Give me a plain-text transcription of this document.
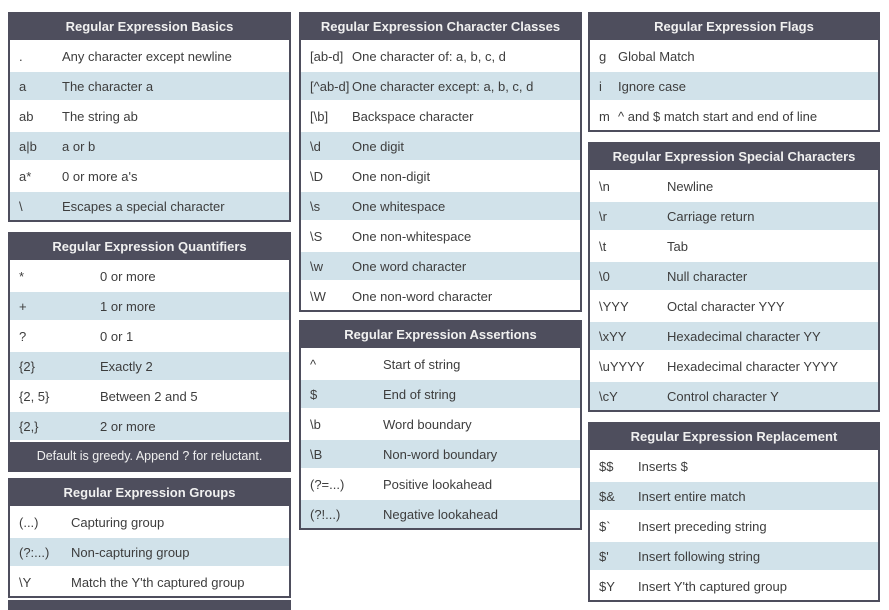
Regular Expression Basics
.	Any character except newline
a	The character a
ab	The string ab
a|b	a or b
a*	0 or more a's
\	Escapes a special character
Regular Expression Quantifiers
*	0 or more
+	1 or more
?	0 or 1
{2}	Exactly 2
{2, 5}	Between 2 and 5
{2,}	2 or more
Default is greedy. Append ? for reluctant.
Regular Expression Groups
(...)	Capturing group
(?:...)	Non-capturing group
\Y	Match the Y'th captured group
Regular Expression Character Classes
[ab-d] One character of: a, b, c, d
[^ab-d] One character except: a, b, c, d
[\b]	Backspace character
\d	One digit
\D	One non-digit
\s	One whitespace
\S	One non-whitespace
\w	One word character
\W	One non-word character
Regular Expression Assertions
^	Start of string
$	End of string
\b	Word boundary
\B	Non-word boundary
(?=...)	Positive lookahead
(?!...)	Negative lookahead
Regular Expression Flags
g Global Match
i	Ignore case
m ^ and $ match start and end of line
Regular Expression Special Characters
\n	Newline
\r	Carriage return
\t	Tab
\0	Null character
\YYY	Octal character YYY
\xYY	Hexadecimal character YY
\uYYYY	Hexadecimal character YYYY
\cY	Control character Y
Regular Expression Replacement
$$	Inserts $
$&	Insert entire match
$`	Insert preceding string
$'	Insert following string
$Y	Insert Y'th captured group
